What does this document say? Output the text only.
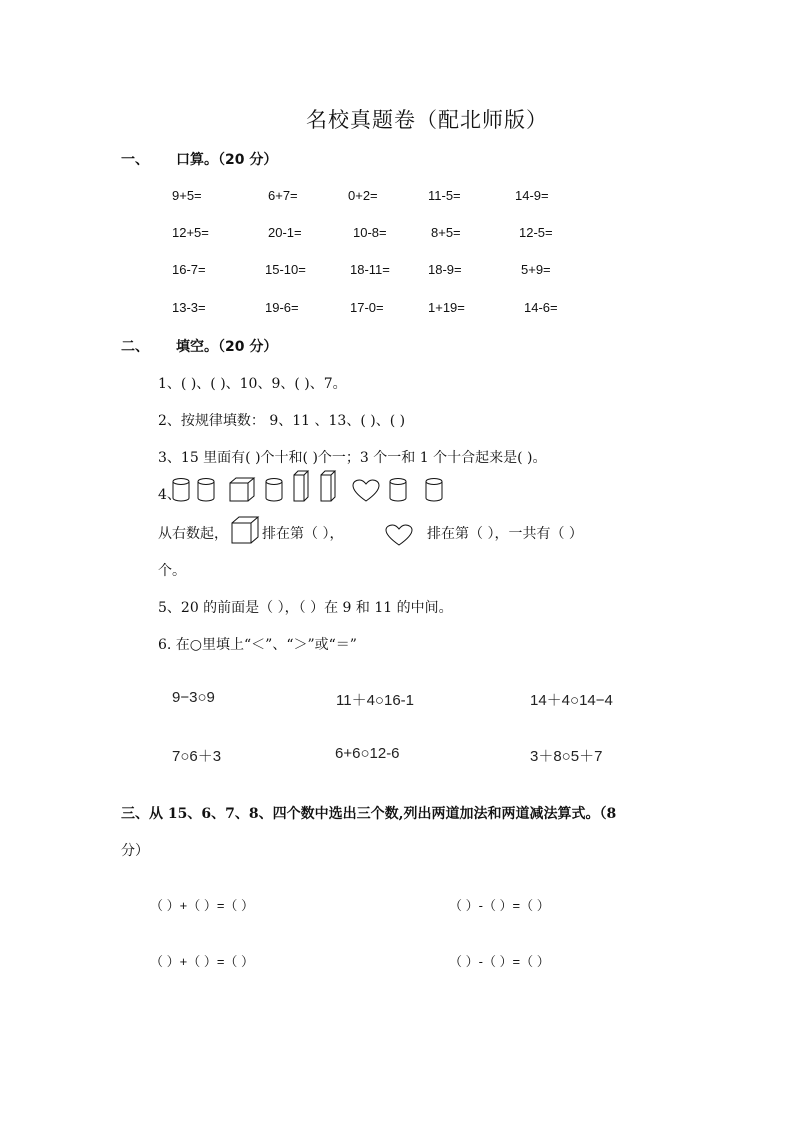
名校真题卷（配北师版）
一、 口算。（20 分）
9+5=	6+7=	0+2=	11-5=	14-9=
12+5=	20-1=	10-8=	8+5=	12-5=
16-7=	15-10=	18-11=	18-9=	5+9=
13-3=	19-6=	17-0=	1+19=	14-6=
二、 填空。（20 分）
1、( )、( )、10、9、( )、7。
2、按规律填数： 9、11 、13、( )、( )
3、15 里面有( )个十和( )个一；3 个一和 1 个十合起来是( )。
4、
从右数起， 排在第（ ），	排在第（ ），一共有（ ）
个。
5、20 的前面是（ ），（ ）在 9 和 11 的中间。
6. 在○里填上“＜”、“＞”或“＝”
9−3○9	11＋4○16-1	14＋4○14−4
7○6＋3	6+6○12-6	3＋8○5＋7
三、从 15、6、7、8、四个数中选出三个数,列出两道加法和两道减法算式。（8
分）
（ ）+（ ）=（ ）	（ ）-（ ）=（ ）
（ ）+（ ）=（ ）	（ ）-（ ）=（ ）
